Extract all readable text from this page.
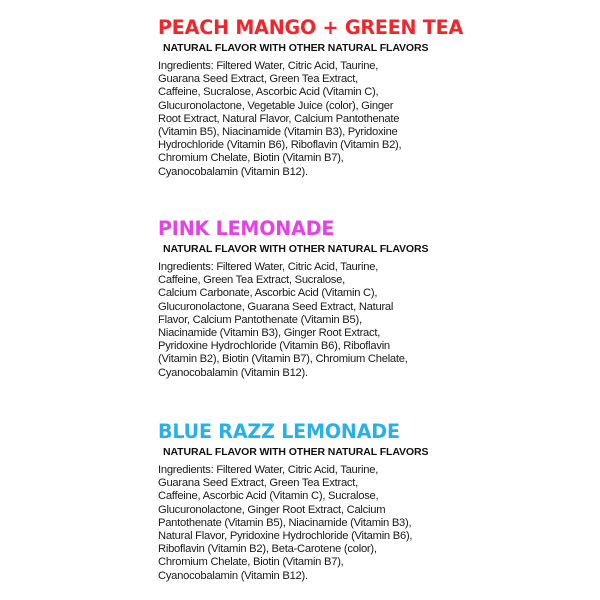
PEACH MANGO + GREEN TEA
NATURAL FLAVOR WITH OTHER NATURAL FLAVORS
Ingredients: Filtered Water, Citric Acid, Taurine,
Guarana Seed Extract, Green Tea Extract,
Caffeine, Sucralose, Ascorbic Acid (Vitamin C),
Glucuronolactone, Vegetable Juice (color), Ginger
Root Extract, Natural Flavor, Calcium Pantothenate
(Vitamin B5), Niacinamide (Vitamin B3), Pyridoxine
Hydrochloride (Vitamin B6), Riboflavin (Vitamin B2),
Chromium Chelate, Biotin (Vitamin B7),
Cyanocobalamin (Vitamin B12).
PINK LEMONADE
NATURAL FLAVOR WITH OTHER NATURAL FLAVORS
Ingredients: Filtered Water, Citric Acid, Taurine,
Caffeine, Green Tea Extract, Sucralose,
Calcium Carbonate, Ascorbic Acid (Vitamin C),
Glucuronolactone, Guarana Seed Extract, Natural
Flavor, Calcium Pantothenate (Vitamin B5),
Niacinamide (Vitamin B3), Ginger Root Extract,
Pyridoxine Hydrochloride (Vitamin B6), Riboflavin
(Vitamin B2), Biotin (Vitamin B7), Chromium Chelate,
Cyanocobalamin (Vitamin B12).
BLUE RAZZ LEMONADE
NATURAL FLAVOR WITH OTHER NATURAL FLAVORS
Ingredients: Filtered Water, Citric Acid, Taurine,
Guarana Seed Extract, Green Tea Extract,
Caffeine, Ascorbic Acid (Vitamin C), Sucralose,
Glucuronolactone, Ginger Root Extract, Calcium
Pantothenate (Vitamin B5), Niacinamide (Vitamin B3),
Natural Flavor, Pyridoxine Hydrochloride (Vitamin B6),
Riboflavin (Vitamin B2), Beta-Carotene (color),
Chromium Chelate, Biotin (Vitamin B7),
Cyanocobalamin (Vitamin B12).
